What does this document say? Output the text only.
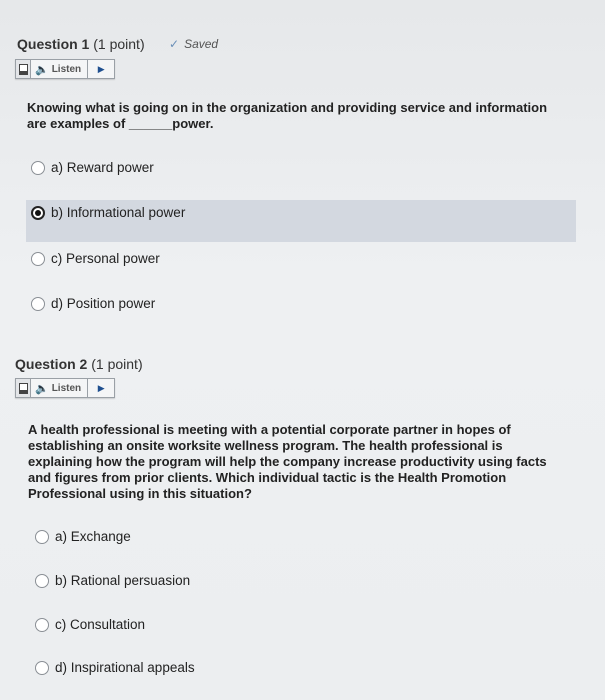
Question 1 (1 point) ✓ Saved
🔈 Listen	▶
Knowing what is going on in the organization and providing service and information
are examples of ______power.
a) Reward power
b) Informational power
c) Personal power
d) Position power
Question 2 (1 point)
🔈 Listen	▶
A health professional is meeting with a potential corporate partner in hopes of
establishing an onsite worksite wellness program. The health professional is
explaining how the program will help the company increase productivity using facts
and figures from prior clients. Which individual tactic is the Health Promotion
Professional using in this situation?
a) Exchange
b) Rational persuasion
c) Consultation
d) Inspirational appeals
